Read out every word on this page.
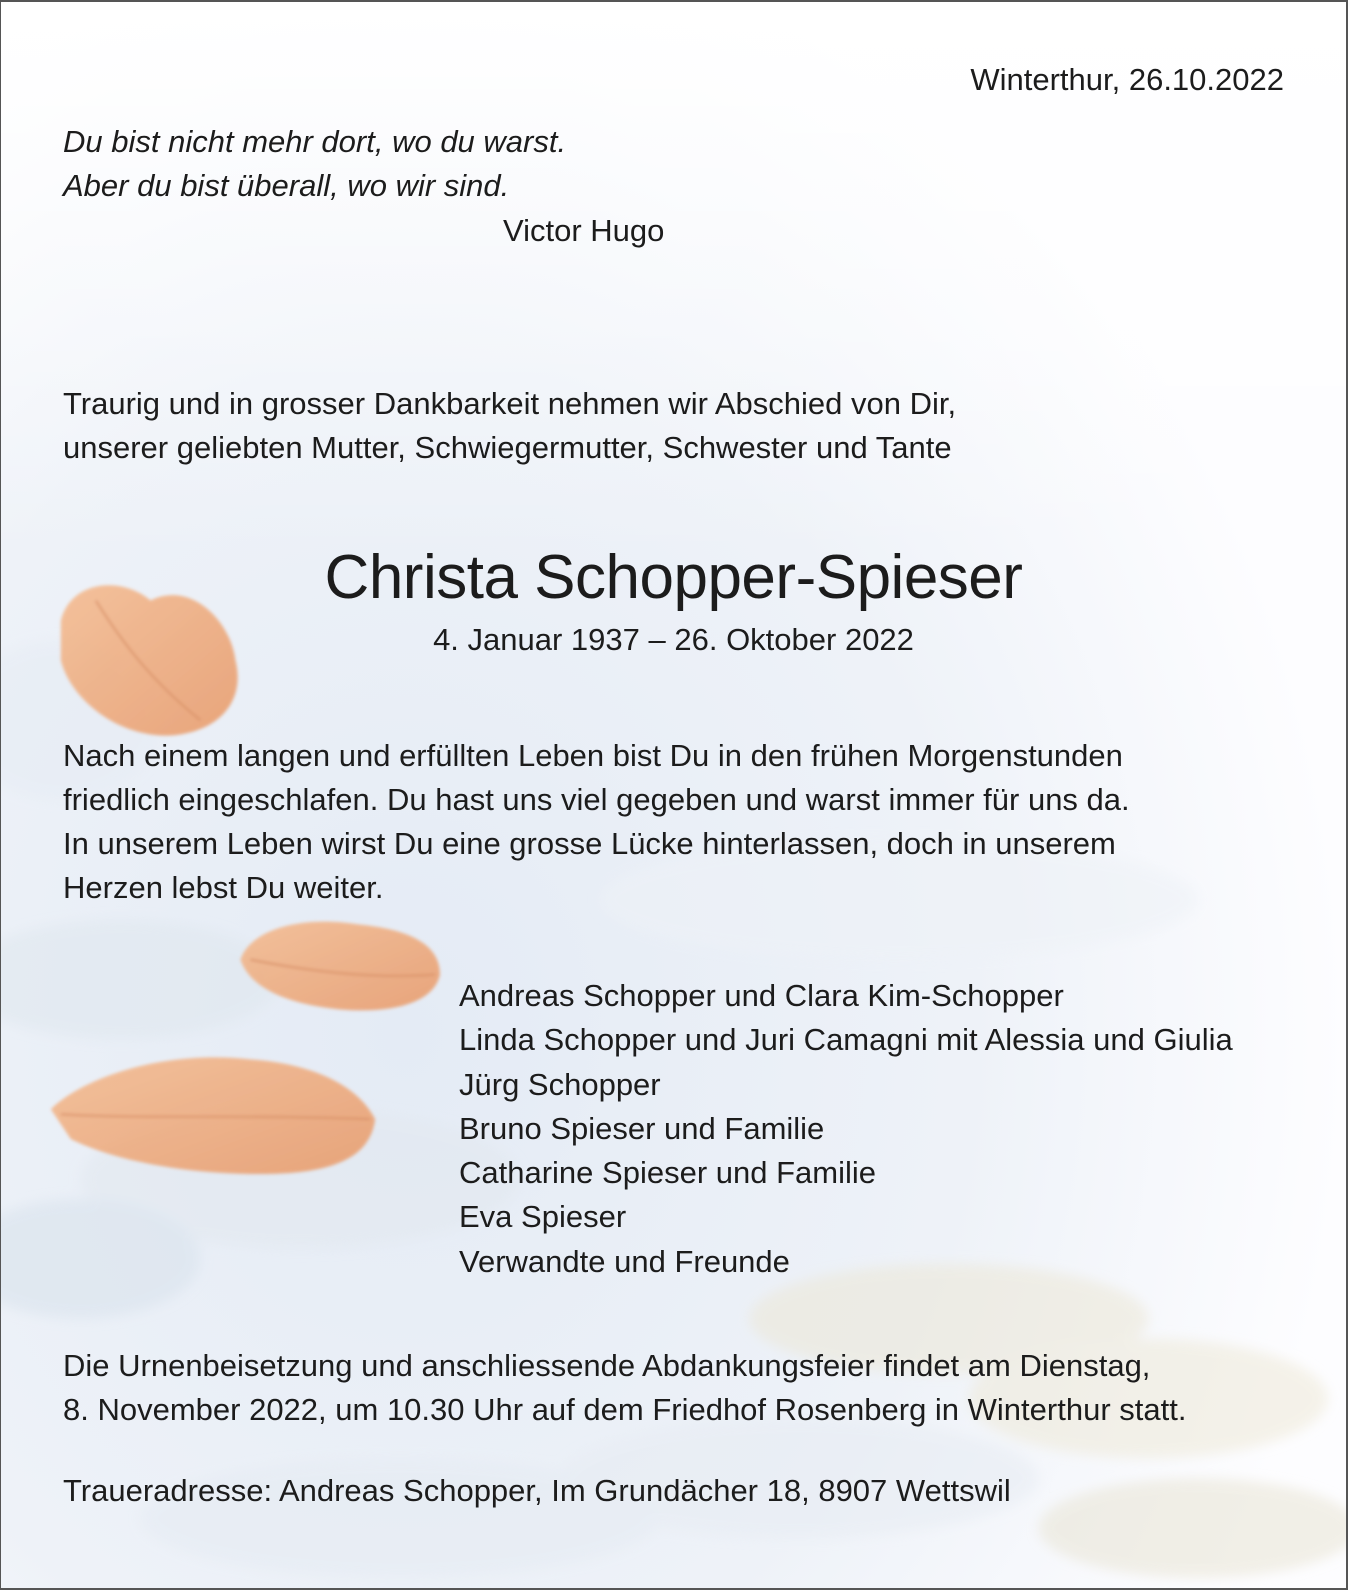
Winterthur, 26.10.2022
Du bist nicht mehr dort, wo du warst.
Aber du bist überall, wo wir sind.
Victor Hugo
Traurig und in grosser Dankbarkeit nehmen wir Abschied von Dir,
unserer geliebten Mutter, Schwiegermutter, Schwester und Tante
Christa Schopper-Spieser
4. Januar 1937 – 26. Oktober 2022
Nach einem langen und erfüllten Leben bist Du in den frühen Morgenstunden
friedlich eingeschlafen. Du hast uns viel gegeben und warst immer für uns da.
In unserem Leben wirst Du eine grosse Lücke hinterlassen, doch in unserem
Herzen lebst Du weiter.
Andreas Schopper und Clara Kim-Schopper
Linda Schopper und Juri Camagni mit Alessia und Giulia
Jürg Schopper
Bruno Spieser und Familie
Catharine Spieser und Familie
Eva Spieser
Verwandte und Freunde
Die Urnenbeisetzung und anschliessende Abdankungsfeier findet am Dienstag,
8. November 2022, um 10.30 Uhr auf dem Friedhof Rosenberg in Winterthur statt.
Traueradresse: Andreas Schopper, Im Grundächer 18, 8907 Wettswil
